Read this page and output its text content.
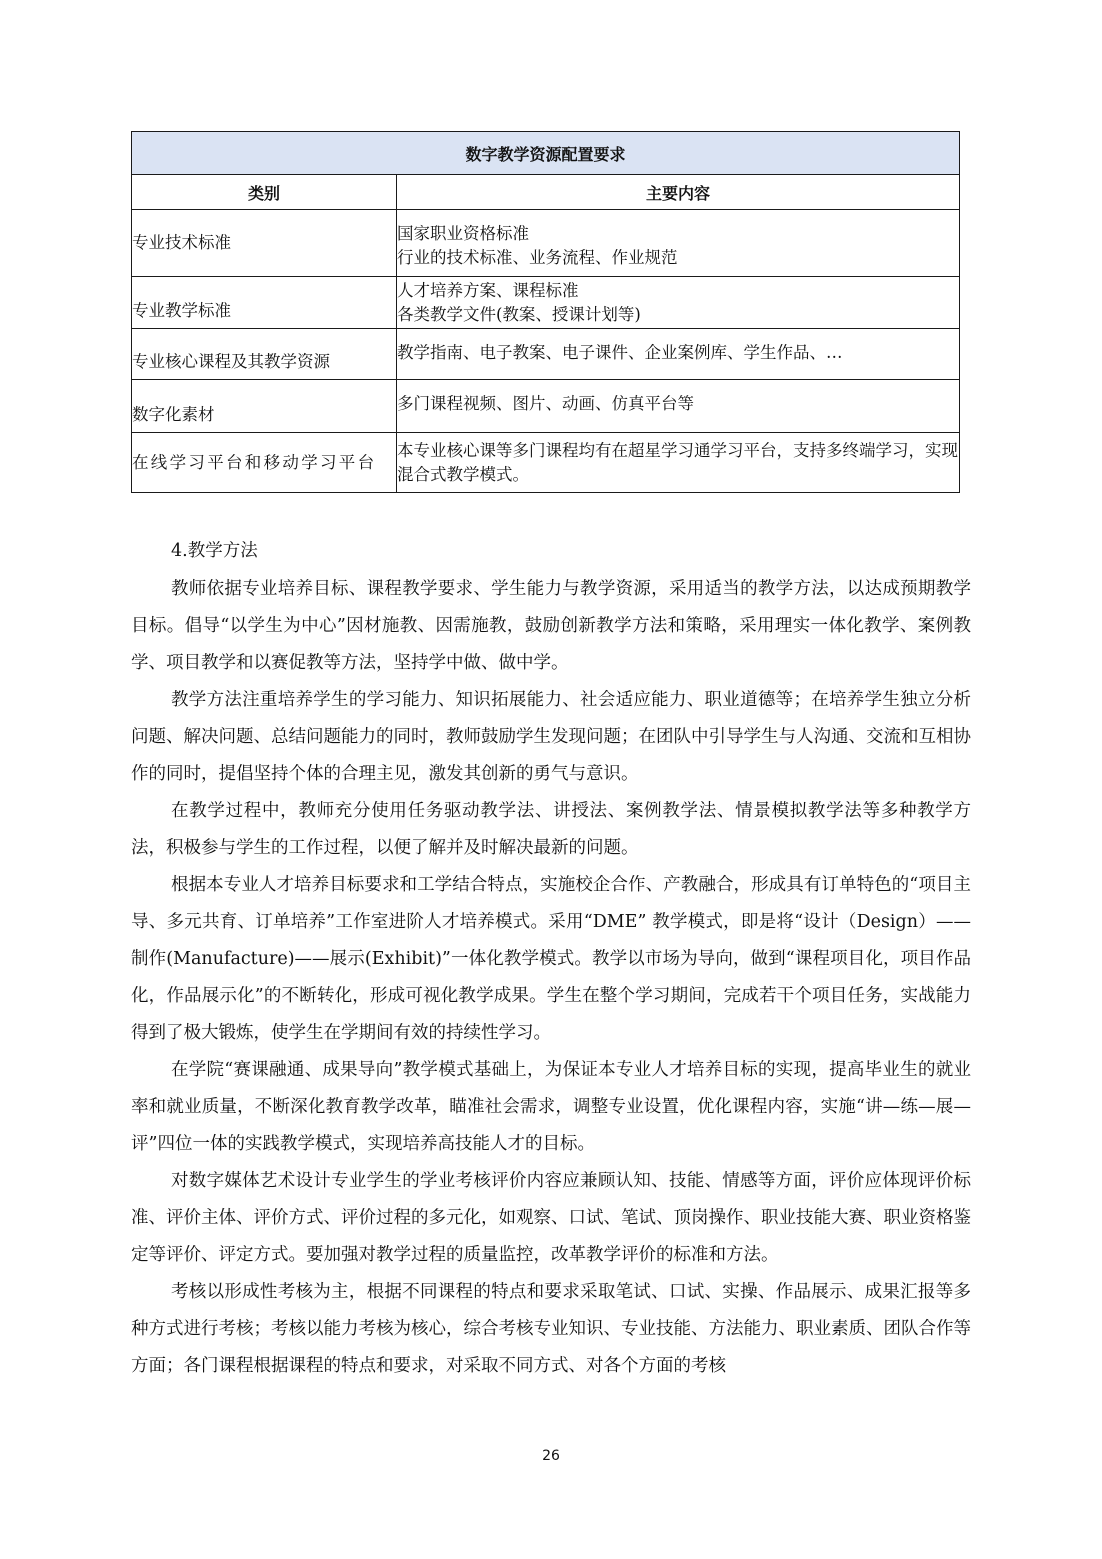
数字教学资源配置要求	
类别	主要内容
专业技术标准	国家职业资格标准
行业的技术标准、业务流程、作业规范

专业教学标准	人才培养方案、课程标准
各类教学文件(教案、授课计划等)

专业核心课程及其教学资源	教学指南、电子教案、电子课件、企业案例库、学生作品、…

数字化素材	多门课程视频、图片、动画、仿真平台等

在线学习平台和移动学习平台	本专业核心课等多门课程均有在超星学习通学习平台，支持多终端学习，实现混合式教学模式。
4.教学方法

教师依据专业培养目标、课程教学要求、学生能力与教学资源，采用适当的教学方法，以达成预期教学目标。倡导“以学生为中心”因材施教、因需施教，鼓励创新教学方法和策略，采用理实一体化教学、案例教学、项目教学和以赛促教等方法，坚持学中做、做中学。

教学方法注重培养学生的学习能力、知识拓展能力、社会适应能力、职业道德等；在培养学生独立分析问题、解决问题、总结问题能力的同时，教师鼓励学生发现问题；在团队中引导学生与人沟通、交流和互相协作的同时，提倡坚持个体的合理主见，激发其创新的勇气与意识。

在教学过程中，教师充分使用任务驱动教学法、讲授法、案例教学法、情景模拟教学法等多种教学方法，积极参与学生的工作过程，以便了解并及时解决最新的问题。

根据本专业人才培养目标要求和工学结合特点，实施校企合作、产教融合，形成具有订单特色的“项目主导、多元共育、订单培养”工作室进阶人才培养模式。采用“DME” 教学模式，即是将“设计（Design）——制作(Manufacture)——展示(Exhibit)”一体化教学模式。教学以市场为导向，做到“课程项目化，项目作品化，作品展示化”的不断转化，形成可视化教学成果。学生在整个学习期间，完成若干个项目任务，实战能力得到了极大锻炼，使学生在学期间有效的持续性学习。

在学院“赛课融通、成果导向”教学模式基础上，为保证本专业人才培养目标的实现，提高毕业生的就业率和就业质量，不断深化教育教学改革，瞄准社会需求，调整专业设置，优化课程内容，实施“讲—练—展—评”四位一体的实践教学模式，实现培养高技能人才的目标。

对数字媒体艺术设计专业学生的学业考核评价内容应兼顾认知、技能、情感等方面，评价应体现评价标准、评价主体、评价方式、评价过程的多元化，如观察、口试、笔试、顶岗操作、职业技能大赛、职业资格鉴定等评价、评定方式。要加强对教学过程的质量监控，改革教学评价的标准和方法。

考核以形成性考核为主，根据不同课程的特点和要求采取笔试、口试、实操、作品展示、成果汇报等多种方式进行考核；考核以能力考核为核心，综合考核专业知识、专业技能、方法能力、职业素质、团队合作等方面；各门课程根据课程的特点和要求，对采取不同方式、对各个方面的考核

26
